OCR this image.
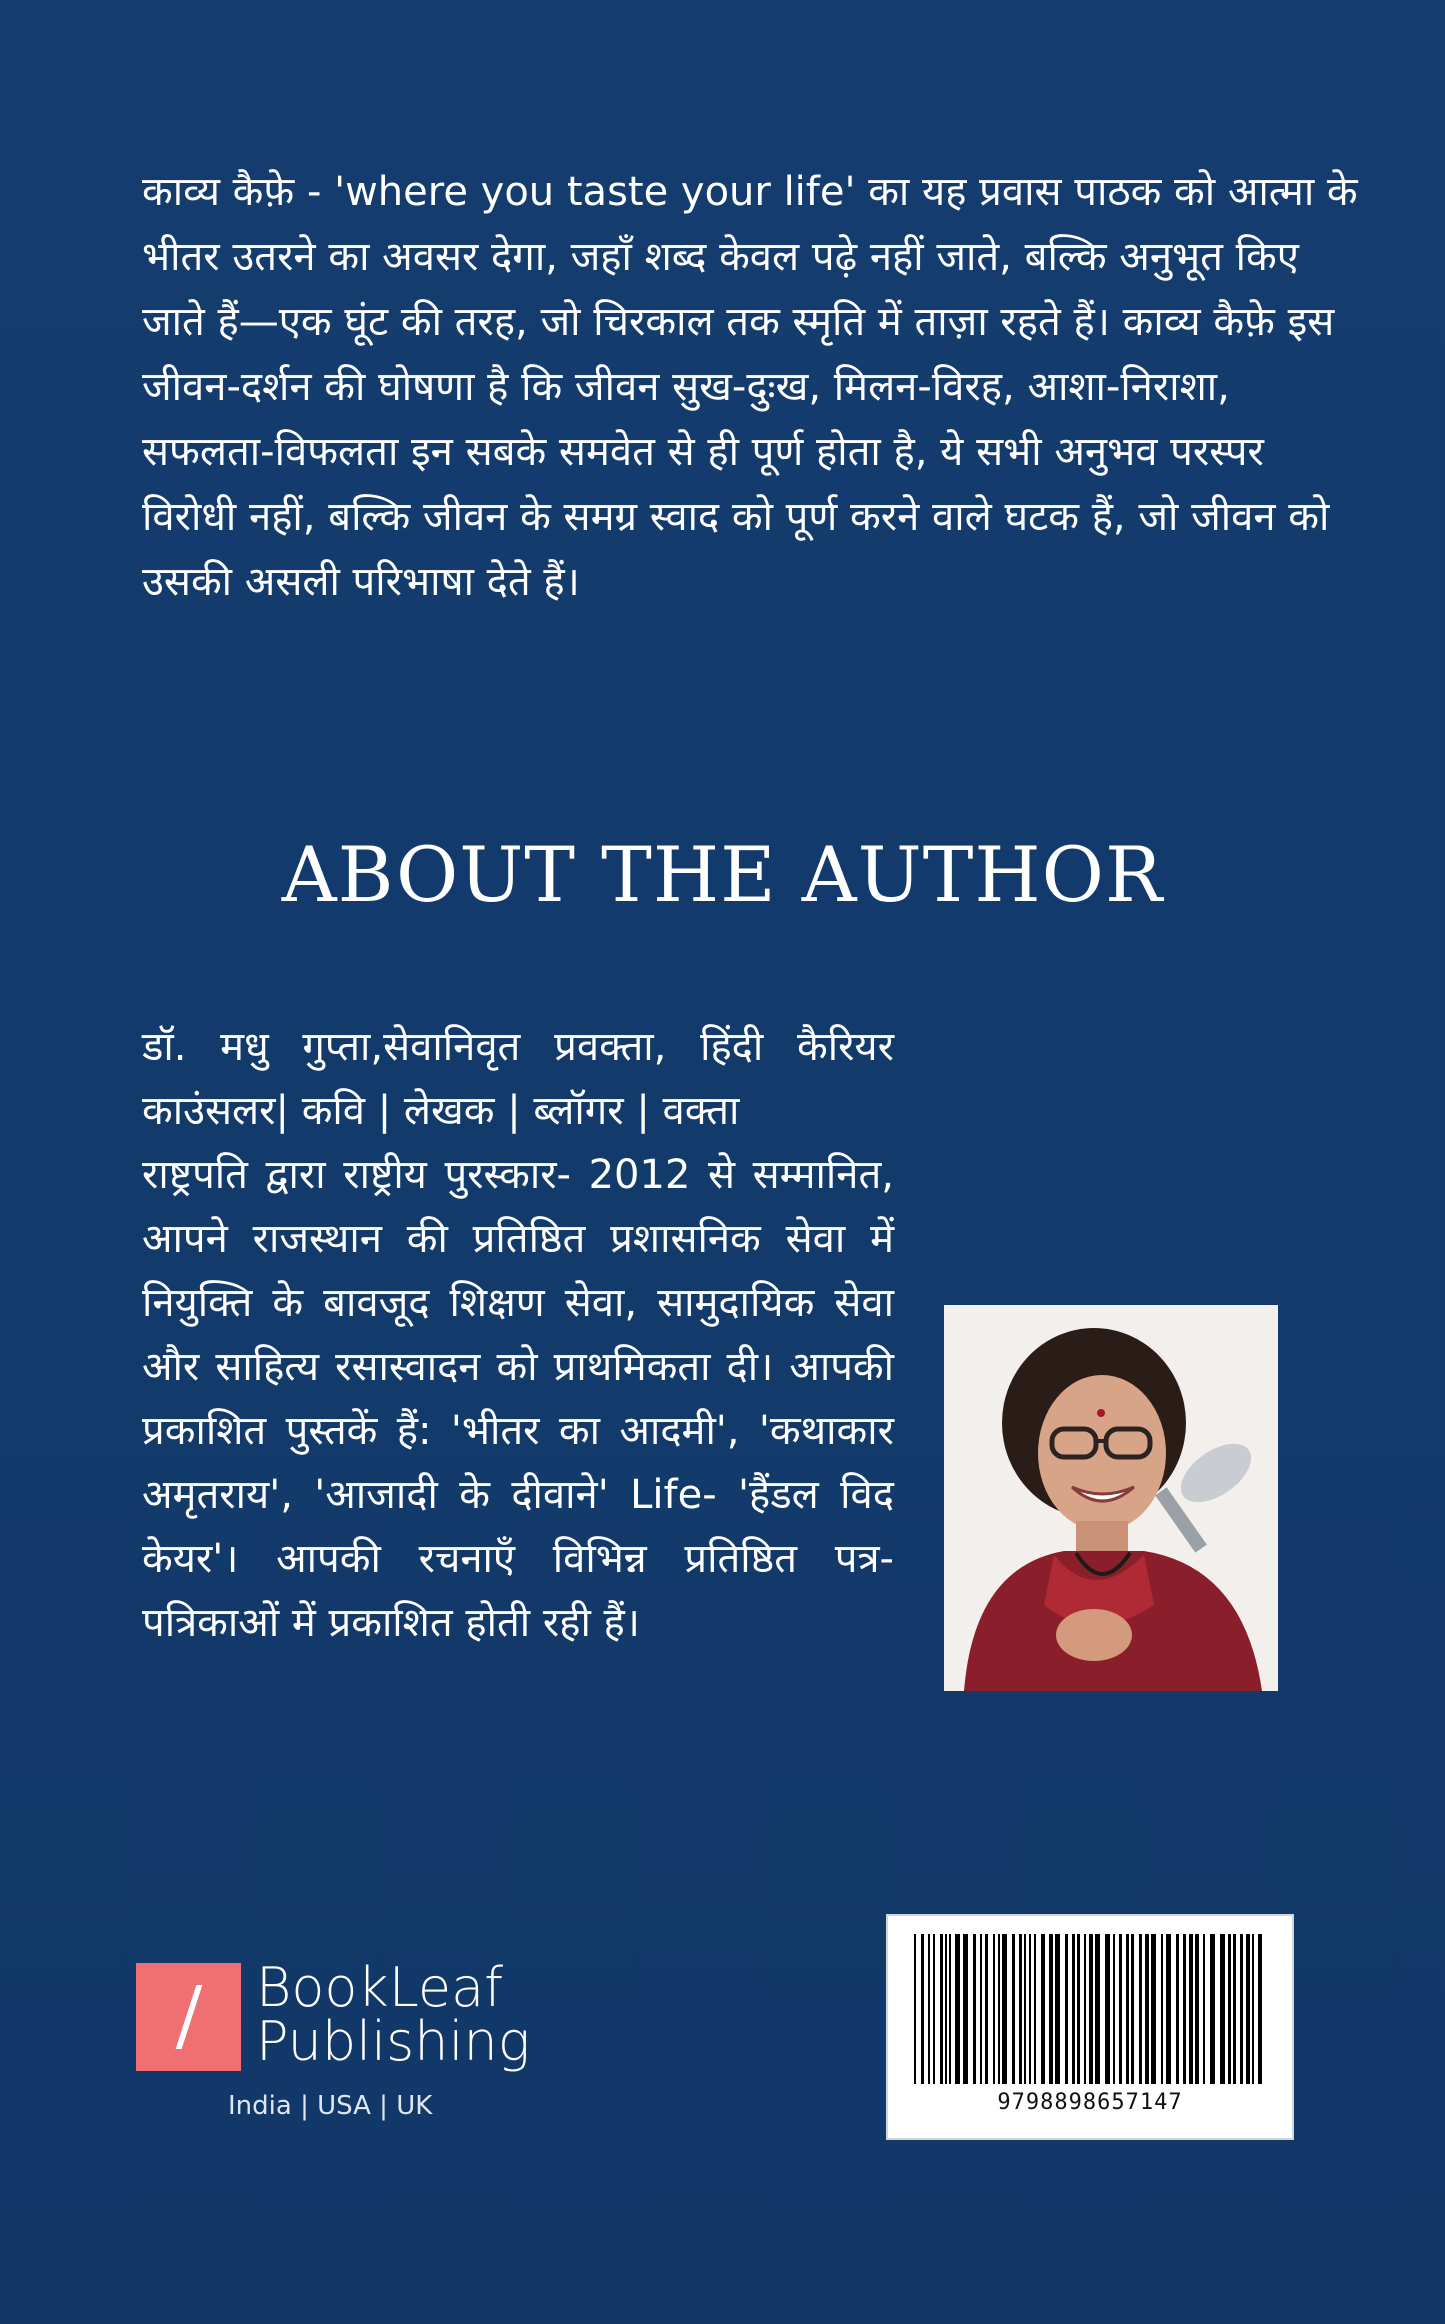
काव्य कैफ़े - 'where you taste your life' का यह प्रवास पाठक को आत्मा के भीतर उतरने का अवसर देगा, जहाँ शब्द केवल पढ़े नहीं जाते, बल्कि अनुभूत किए जाते हैं—एक घूंट की तरह, जो चिरकाल तक स्मृति में ताज़ा रहते हैं। काव्य कैफ़े इस जीवन-दर्शन की घोषणा है कि जीवन सुख-दुःख, मिलन-विरह, आशा-निराशा, सफलता-विफलता इन सबके समवेत से ही पूर्ण होता है, ये सभी अनुभव परस्पर विरोधी नहीं, बल्कि जीवन के समग्र स्वाद को पूर्ण करने वाले घटक हैं, जो जीवन को उसकी असली परिभाषा देते हैं।

ABOUT THE AUTHOR

डॉ. मधु गुप्ता,सेवानिवृत प्रवक्ता, हिंदी कैरियर काउंसलर| कवि | लेखक | ब्लॉगर | वक्ता

राष्ट्रपति द्वारा राष्ट्रीय पुरस्कार- 2012 से सम्मानित, आपने राजस्थान की प्रतिष्ठित प्रशासनिक सेवा में नियुक्ति के बावजूद शिक्षण सेवा, सामुदायिक सेवा और साहित्य रसास्वादन को प्राथमिकता दी। आपकी प्रकाशित पुस्तकें हैं: 'भीतर का आदमी', 'कथाकार अमृतराय', 'आजादी के दीवाने' Life- 'हैंडल विद केयर'। आपकी रचनाएँ विभिन्न प्रतिष्ठित पत्र-पत्रिकाओं में प्रकाशित होती रही हैं।

BookLeaf
Publishing
India | USA | UK	9798898657147
